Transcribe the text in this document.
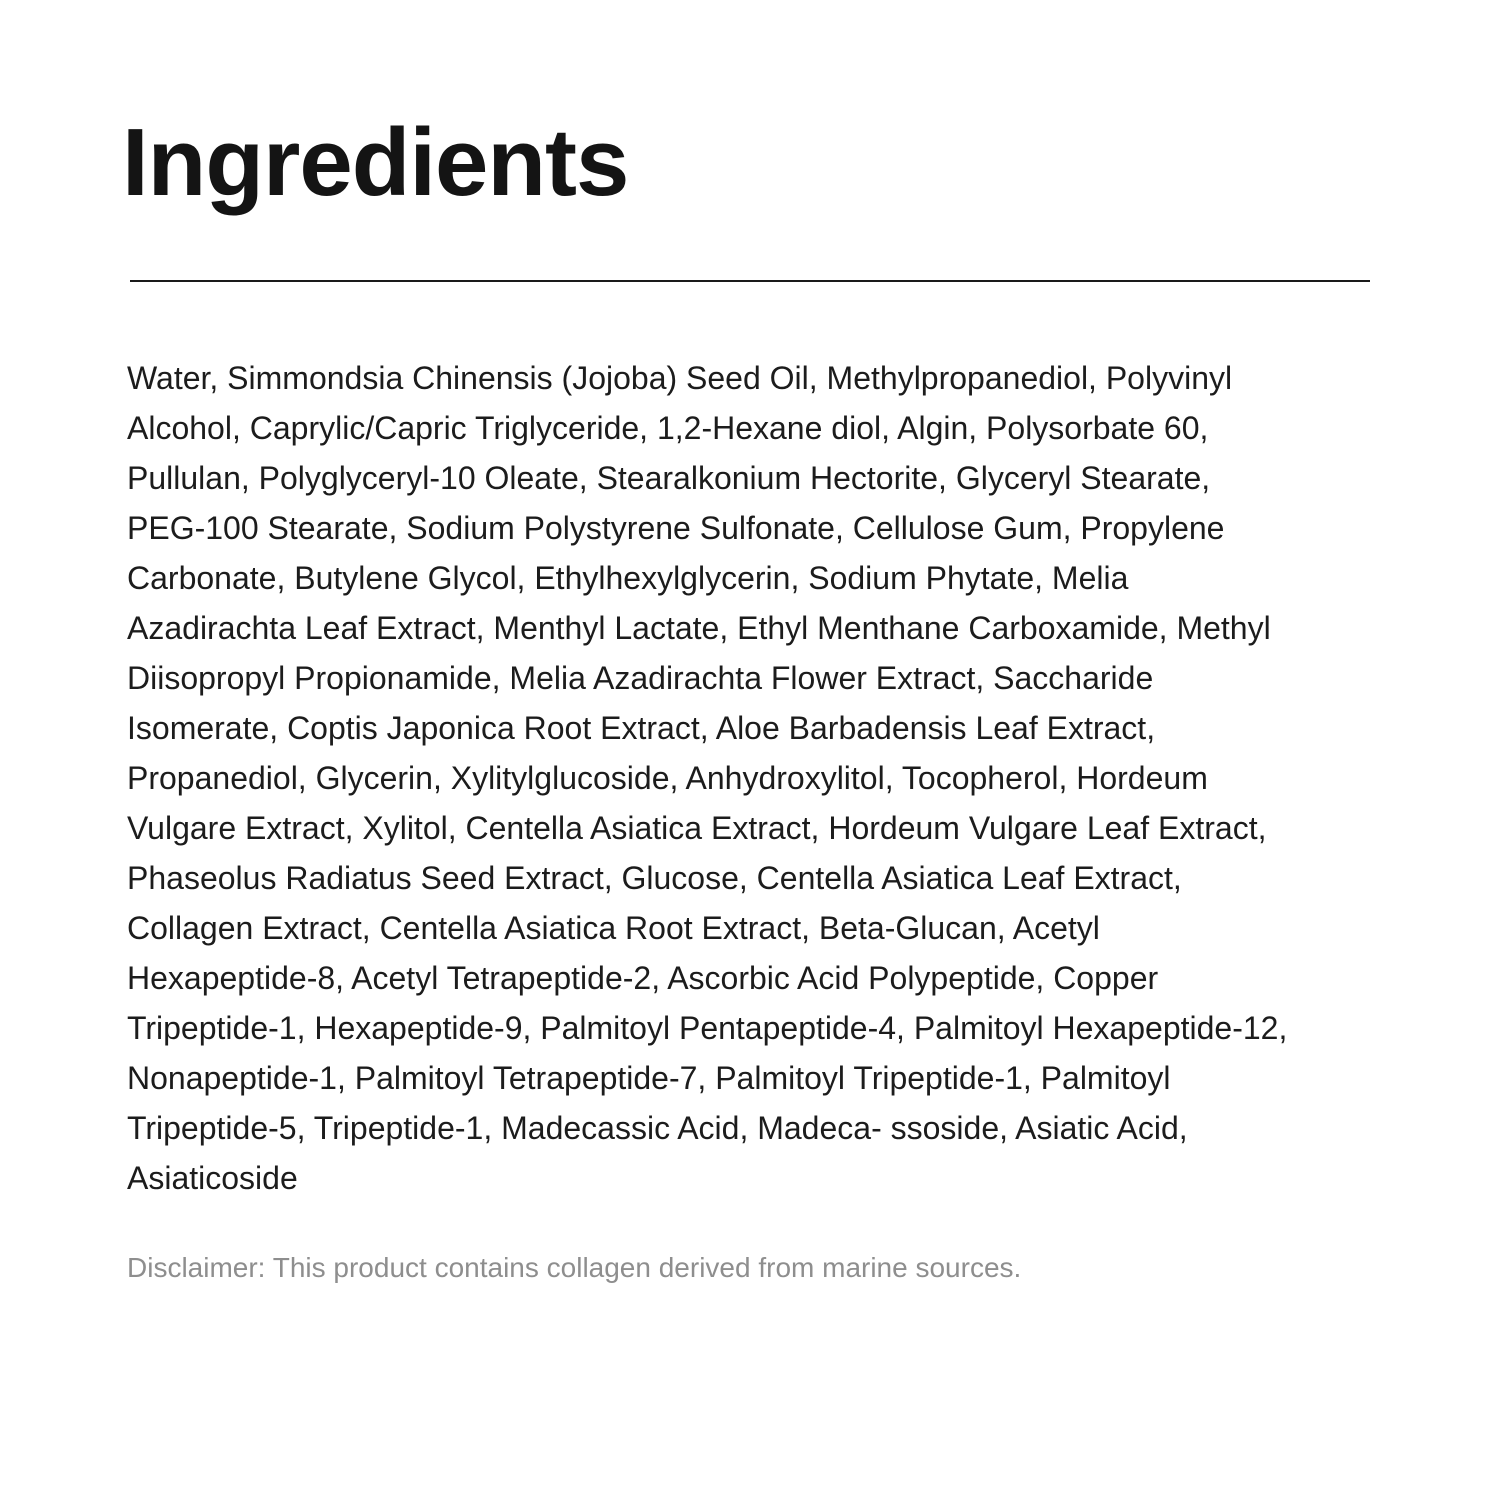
Ingredients

Water, Simmondsia Chinensis (Jojoba) Seed Oil, Methylpropanediol, Polyvinyl
Alcohol, Caprylic/Capric Triglyceride, 1,2-Hexane diol, Algin, Polysorbate 60,
Pullulan, Polyglyceryl-10 Oleate, Stearalkonium Hectorite, Glyceryl Stearate,
PEG-100 Stearate, Sodium Polystyrene Sulfonate, Cellulose Gum, Propylene
Carbonate, Butylene Glycol, Ethylhexylglycerin, Sodium Phytate, Melia
Azadirachta Leaf Extract, Menthyl Lactate, Ethyl Menthane Carboxamide, Methyl
Diisopropyl Propionamide, Melia Azadirachta Flower Extract, Saccharide
Isomerate, Coptis Japonica Root Extract, Aloe Barbadensis Leaf Extract,
Propanediol, Glycerin, Xylitylglucoside, Anhydroxylitol, Tocopherol, Hordeum
Vulgare Extract, Xylitol, Centella Asiatica Extract, Hordeum Vulgare Leaf Extract,
Phaseolus Radiatus Seed Extract, Glucose, Centella Asiatica Leaf Extract,
Collagen Extract, Centella Asiatica Root Extract, Beta-Glucan, Acetyl
Hexapeptide-8, Acetyl Tetrapeptide-2, Ascorbic Acid Polypeptide, Copper
Tripeptide-1, Hexapeptide-9, Palmitoyl Pentapeptide-4, Palmitoyl Hexapeptide-12,
Nonapeptide-1, Palmitoyl Tetrapeptide-7, Palmitoyl Tripeptide-1, Palmitoyl
Tripeptide-5, Tripeptide-1, Madecassic Acid, Madeca- ssoside, Asiatic Acid,
Asiaticoside

Disclaimer: This product contains collagen derived from marine sources.
